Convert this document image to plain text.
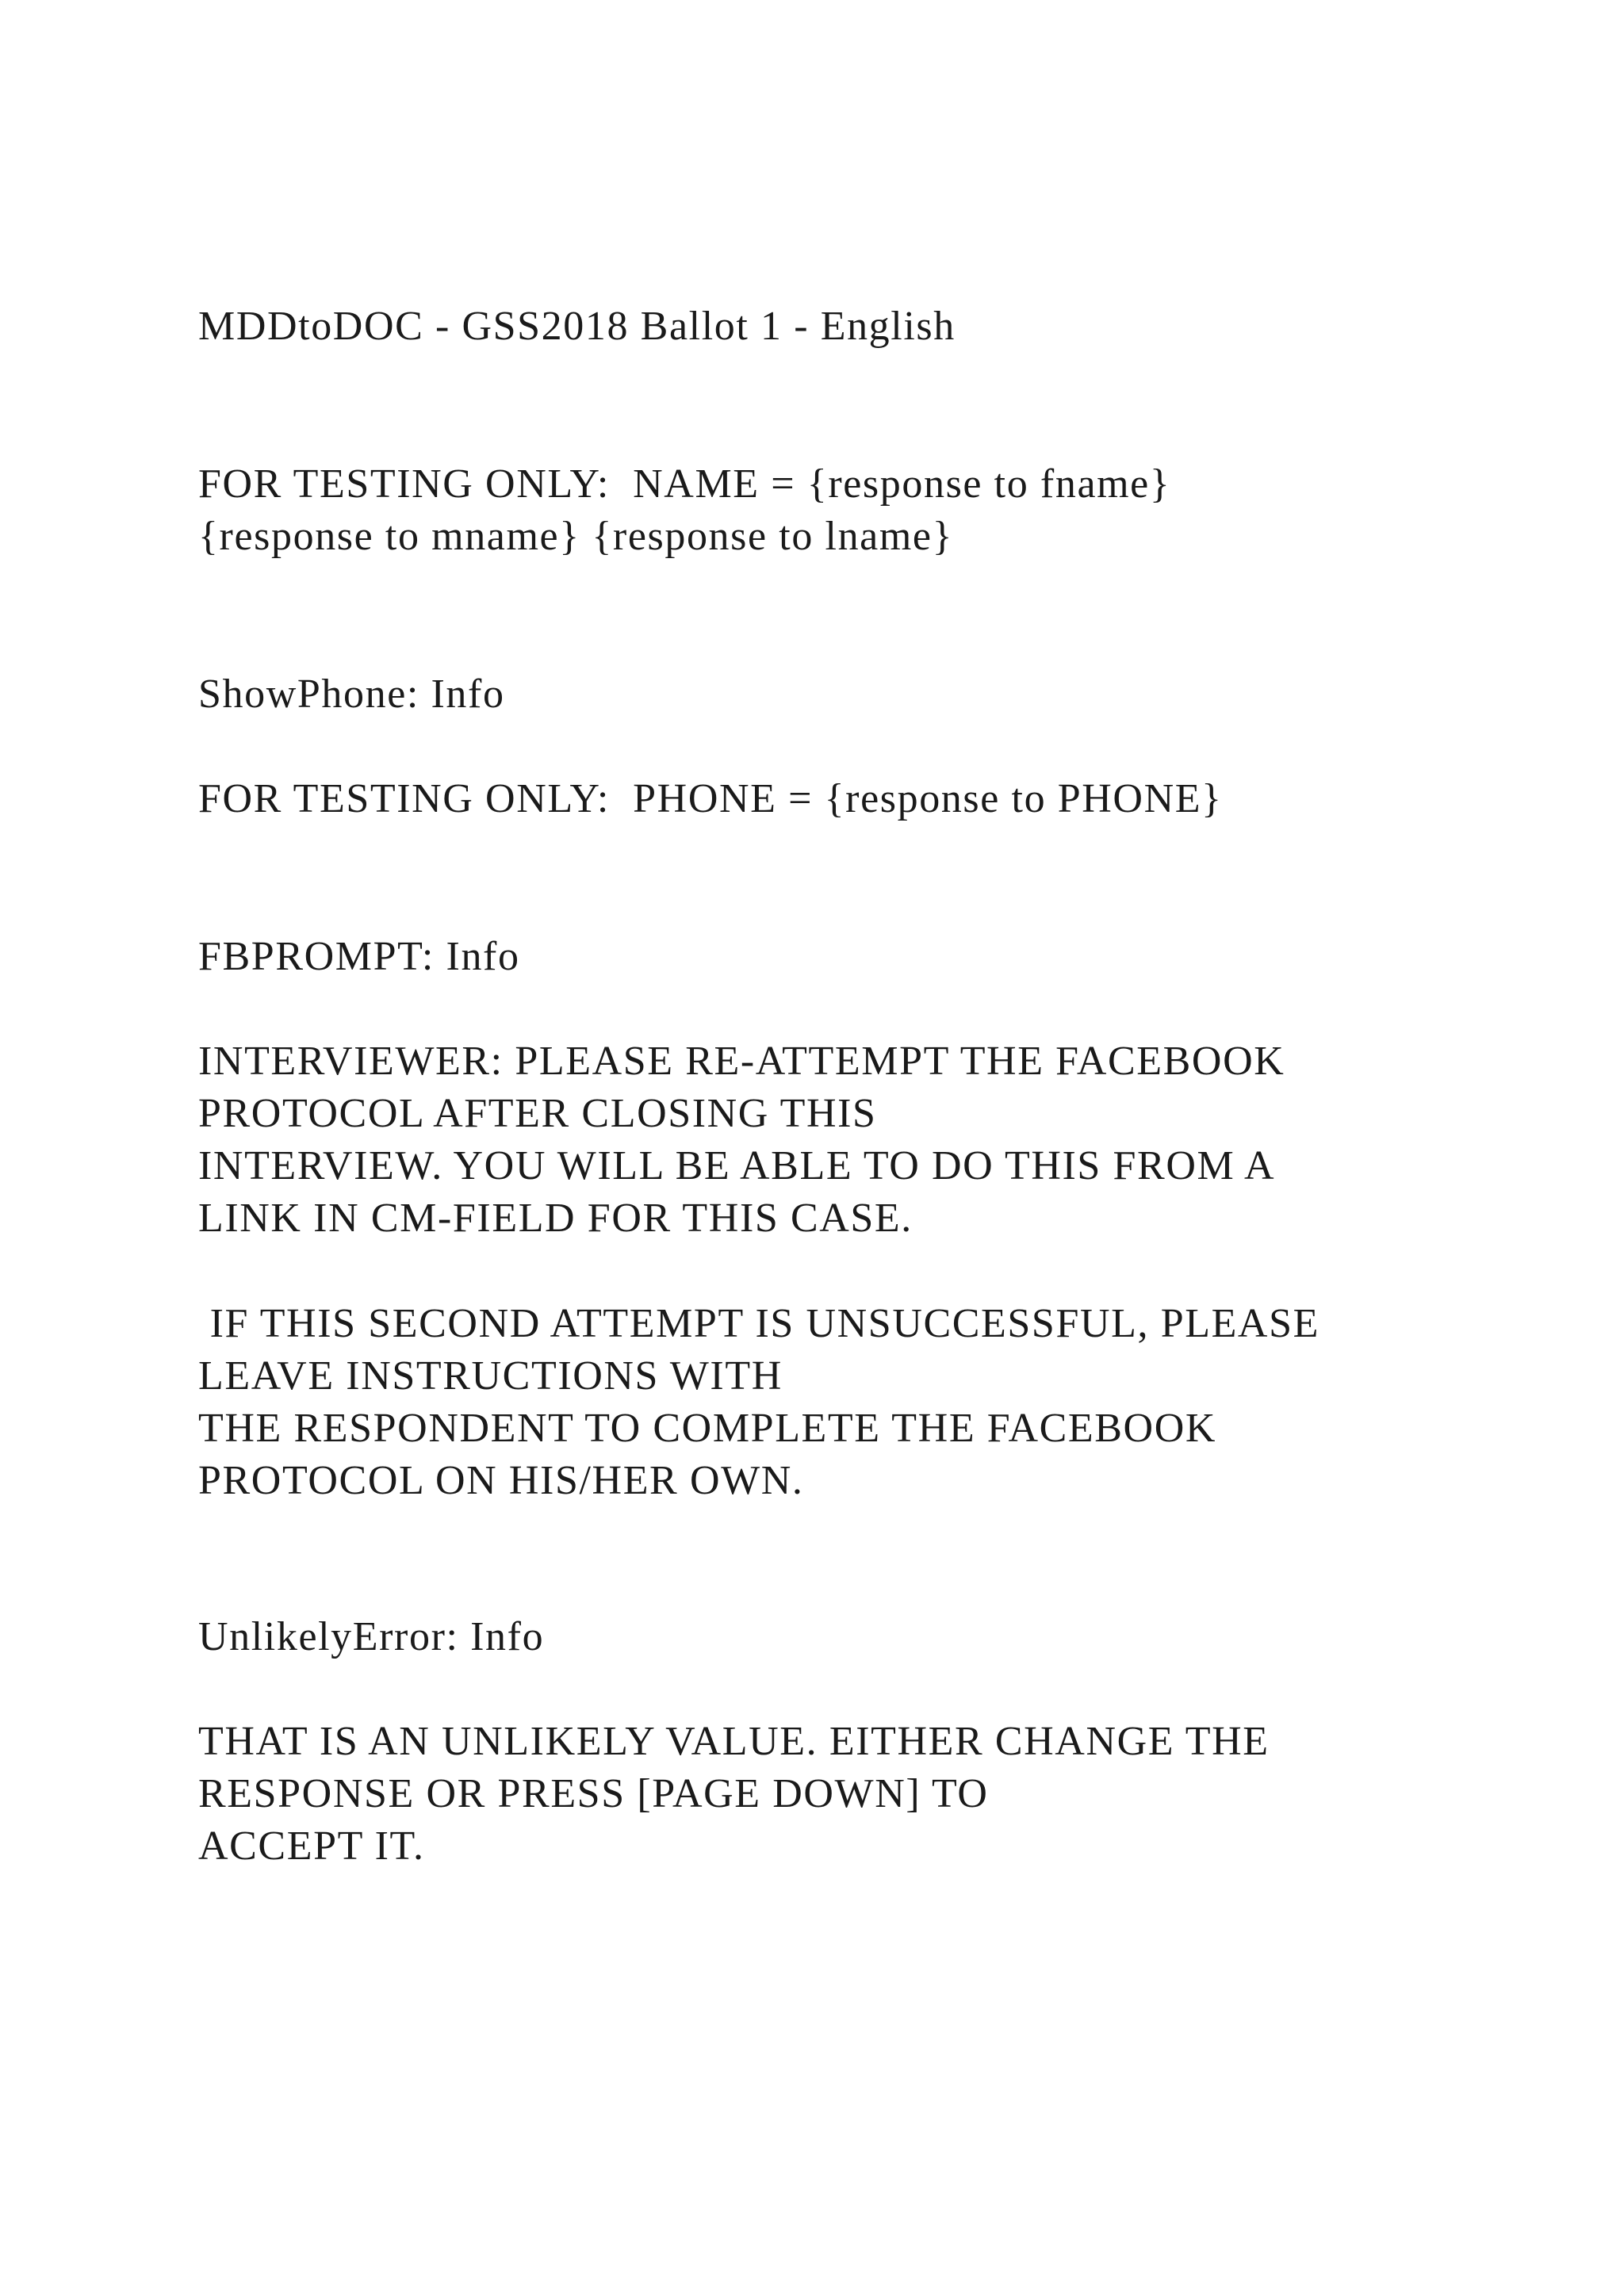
MDDtoDOC - GSS2018 Ballot 1 - English
FOR TESTING ONLY:  NAME = {response to fname}
{response to mname} {response to lname}
ShowPhone: Info
FOR TESTING ONLY:  PHONE = {response to PHONE}
FBPROMPT: Info
INTERVIEWER: PLEASE RE-ATTEMPT THE FACEBOOK
PROTOCOL AFTER CLOSING THIS
INTERVIEW. YOU WILL BE ABLE TO DO THIS FROM A
LINK IN CM-FIELD FOR THIS CASE.
IF THIS SECOND ATTEMPT IS UNSUCCESSFUL, PLEASE
LEAVE INSTRUCTIONS WITH
THE RESPONDENT TO COMPLETE THE FACEBOOK
PROTOCOL ON HIS/HER OWN.
UnlikelyError: Info
THAT IS AN UNLIKELY VALUE. EITHER CHANGE THE
RESPONSE OR PRESS [PAGE DOWN] TO
ACCEPT IT.
